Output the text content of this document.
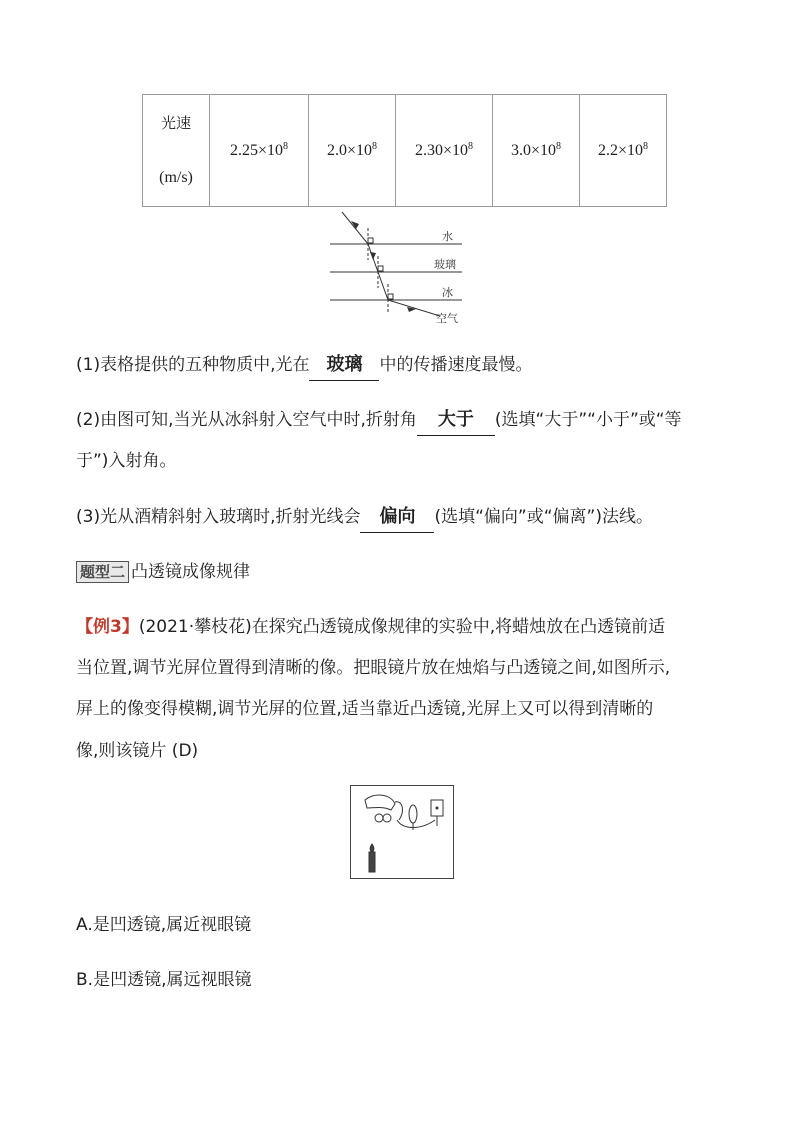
光速
(m/s)	$2.25\times 10^8$	$2.0\times 10^8$	$2.30\times 10^8$	$3.0\times 10^8$	$2.2\times 10^8$
水
玻璃
冰
空气
(1)表格提供的五种物质中,光在 玻璃 中的传播速度最慢。
(2)由图可知,当光从冰斜射入空气中时,折射角 大于 (选填“大于”“小于”或“等
于”)入射角。
(3)光从酒精斜射入玻璃时,折射光线会 偏向 (选填“偏向”或“偏离”)法线。
题型二 凸透镜成像规律
【例3】(2021·攀枝花)在探究凸透镜成像规律的实验中,将蜡烛放在凸透镜前适
当位置,调节光屏位置得到清晰的像。把眼镜片放在烛焰与凸透镜之间,如图所示,
屏上的像变得模糊,调节光屏的位置,适当靠近凸透镜,光屏上又可以得到清晰的
像,则该镜片 (D)
A.是凹透镜,属近视眼镜
B.是凹透镜,属远视眼镜
